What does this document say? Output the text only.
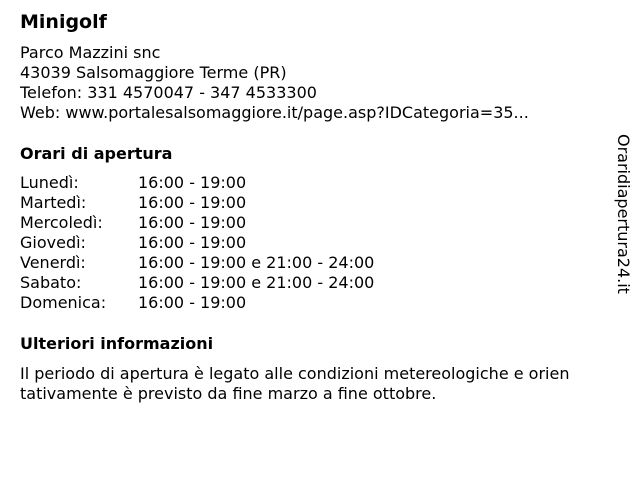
Minigolf
Parco Mazzini snc
43039 Salsomaggiore Terme (PR)
Telefon: 331 4570047 - 347 4533300
Web: www.portalesalsomaggiore.it/page.asp?IDCategoria=35...
Orari di apertura
Lunedì:	16:00 - 19:00
Martedì:	16:00 - 19:00
Mercoledì:	16:00 - 19:00
Giovedì:	16:00 - 19:00
Venerdì:	16:00 - 19:00 e 21:00 - 24:00
Sabato:	16:00 - 19:00 e 21:00 - 24:00
Domenica:	16:00 - 19:00
Ulteriori informazioni
Il periodo di apertura è legato alle condizioni metereologiche e orien
tativamente è previsto da fine marzo a fine ottobre.
Oraridiapertura24.it
